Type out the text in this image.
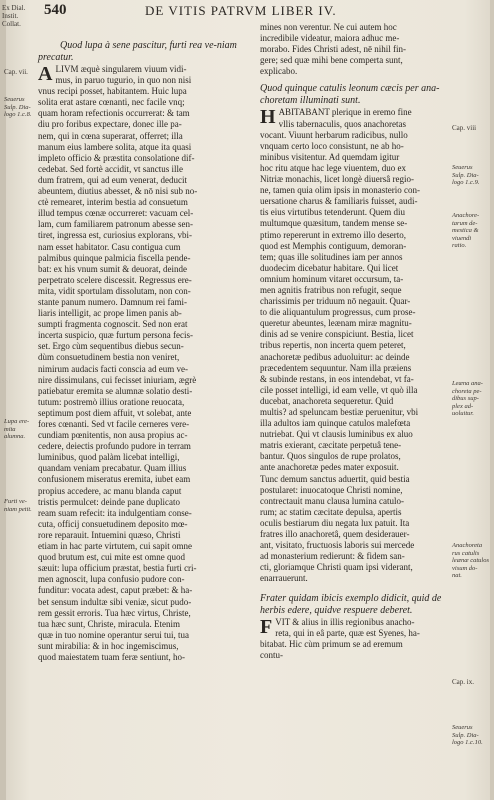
Ex Dial.
Instit.
Collat.
540	DE VITIS PATRVM LIBER IV.
Cap. vii.
Cap. viii
Cap. ix.
Seuerus
Sulp. Dia-
logo 1.c.8.
Lupa ere-
mita alumna.
Furti ve-
niam petit.
Seuerus
Sulp. Dia-
logo 1.c.9.
Anachore-
tarum de-
mestica &
viuendi
ratio.
Leæna ana-
choreta pe-
dibus sup-
plex ad-
uoluitur.
Anachoreta
rus catulis
leænæ catulos
visum do-
nat.
Seuerus
Sulp. Dia-
logo 1.c.10.

Quod lupa à sene pascitur, furti rea ve-niam precatur.

A LIVM æquè singularem viuum vidi-
mus, in paruo tugurio, in quo non nisi
vnus recipi posset, habitantem. Huic lupa
solita erat astare cœnanti, nec facile vnq;
quam horam refectionis occurrerat: & tam
diu pro foribus expectare, donec ille pa-
nem, qui in cœna superarat, offerret; illa
manum eius lambere solita, atque ita quasi
impleto officio & præstita consolatione dif-
cedebat. Sed fortè accidit, vt sanctus ille
dum fratrem, qui ad eum venerat, deducit
abeuntem, diutius abesset, & nō nisi sub no-
ctè remearet, interim bestia ad consuetum
illud tempus cœnæ occurreret: vacuam cel-
lam, cum familiarem patronum abesse sen-
tiret, ingressa est, curiosius explorans, vbi-
nam esset habitator. Casu contigua cum
palmibus quinque palmicia fiscella pende-
bat: ex his vnum sumit & deuorat, deinde
perpetrato scelere discessit. Regressus ere-
mita, vidit sportulam dissolutam, non con-
stante panum numero. Damnum rei fami-
liaris intelligit, ac prope limen panis ab-
sumpti fragmenta cognoscit. Sed non erat
incerta suspicio, quæ furtum persona fecis-
set. Ergo cùm sequentibus diebus secun-
dùm consuetudinem bestia non veniret,
nimirum audacis facti conscia ad eum ve-
nire dissimulans, cui fecisset iniuriam, ægrè
patiebatur eremita se alumnæ solatio desti-
tutum: postremò illius oratione reuocata,
septimum post diem affuit, vt solebat, ante
fores cœnanti. Sed vt facile cerneres vere-
cundiam pœnitentis, non ausa propius ac-
cedere, deiectis profundo pudore in terram
luminibus, quod palàm licebat intelligi,
quandam veniam precabatur. Quam illius
confusionem miseratus eremita, iubet eam
propius accedere, ac manu blanda caput
tristis permulcet: deinde pane duplicato
ream suam refecit: ita indulgentiam conse-
cuta, officij consuetudinem deposito mœ-
rore reparauit. Intuemini quæso, Christi
etiam in hac parte virtutem, cui sapit omne
quod brutum est, cui mite est omne quod
sæuit: lupa officium præstat, bestia furti cri-
men agnoscit, lupa confusio pudore con-
funditur: vocata adest, caput præbet: & ha-
bet sensum indultæ sibi veniæ, sicut pudo-
rem gessit erroris. Tua hæc virtus, Christe,
tua hæc sunt, Christe, miracula. Etenim
quæ in tuo nomine operantur serui tui, tua
sunt mirabilia: & in hoc ingemiscimus,
quod maiestatem tuam feræ sentiunt, ho-
mines non verentur. Ne cui autem hoc
incredibile videatur, maiora adhuc me-
morabo. Fides Christi adest, nē nihil fin-
gere; sed quæ mihi bene comperta sunt,
explicabo.

Quod quinque catulis leonum cæcis per ana-choretam illuminati sunt.

H ABITABANT plerique in eremo fine
vllis tabernaculis, quos anachoretas
vocant. Viuunt herbarum radicibus, nullo
vnquam certo loco consistunt, ne ab ho-
minibus visitentur. Ad quemdam igitur
hoc ritu atque hac lege viuentem, duo ex
Nitriæ monachis, licet longè diuersâ regio-
ne, tamen quia olim ipsis in monasterio con-
uersatione charus & familiaris fuisset, audi-
tis eius virtutibus tetenderunt. Quem diu
multumque quæsitum, tandem mense se-
ptimo repererunt in extremo illo deserto,
quod est Memphis contiguum, demoran-
tem; quas ille solitudines iam per annos
duodecim dicebatur habitare. Qui licet
omnium hominum vitaret occursum, ta-
men agnitis fratribus non refugit, seque
charissimis per triduum nō negauit. Quar-
to die aliquantulum progressus, cum prose-
queretur abeuntes, leænam miræ magnitu-
dinis ad se venire conspiciunt. Bestia, licet
tribus repertis, non incerta quem peteret,
anachoretæ pedibus aduoluitur: ac deinde
præcedentem sequuntur. Nam illa præiens
& subinde restans, in eos intendebat, vt fa-
cile posset intelligi, id eam velle, vt quò illa
ducebat, anachoreta sequeretur. Quid
multis? ad speluncam bestiæ peruenitur, vbi
illa adultos iam quinque catulos malefœta
nutriebat. Qui vt clausis luminibus ex aluo
matris exierant, cæcitate perpetuâ tene-
bantur. Quos singulos de rupe prolatos,
ante anachoretæ pedes mater exposuit.
Tunc demum sanctus aduertit, quid bestia
postularet: inuocatoque Christi nomine,
contrectauit manu clausa lumina catulo-
rum; ac statim cæcitate depulsa, apertis
oculis bestiarum diu negata lux patuit. Ita
fratres illo anachoretâ, quem desiderauer-
ant, visitato, fructuosis laboris sui mercede
ad monasterium redierunt: & fidem san-
cti, gloriamque Christi quam ipsi viderant,
enarrauerunt.

Frater quidam ibicis exemplo didicit, quid de herbis edere, quidve respuere deberet.

F VIT & alius in illis regionibus anacho-
reta, qui in eâ parte, quæ est Syenes, ha-
bitabat. Hic cùm primum se ad eremum
contu-
